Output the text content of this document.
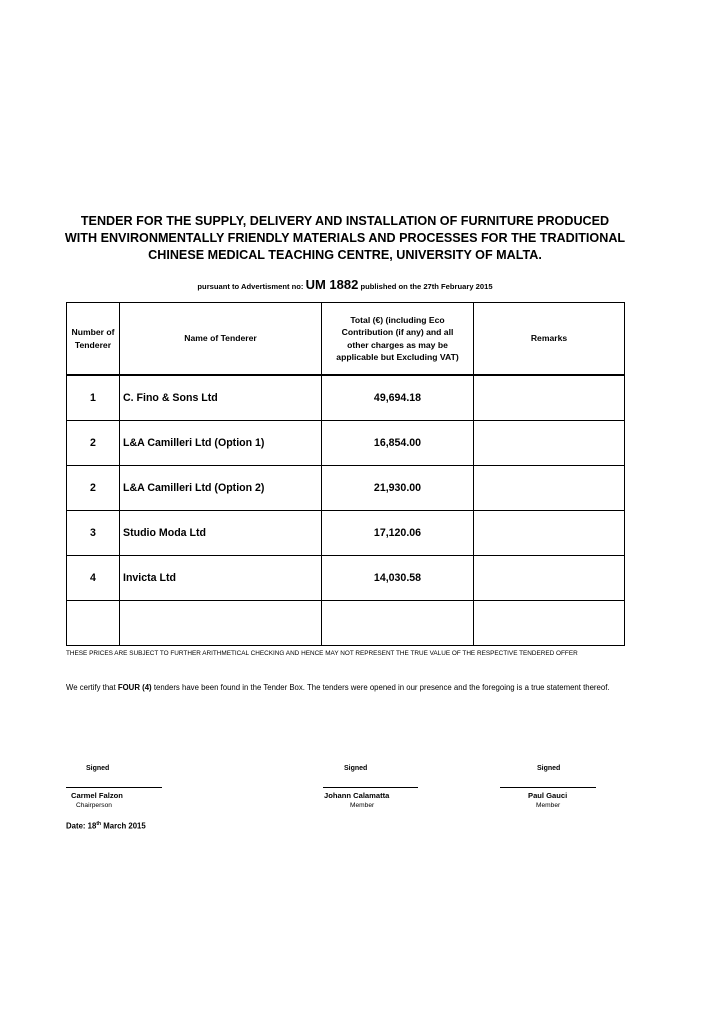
TENDER FOR THE SUPPLY, DELIVERY AND INSTALLATION OF FURNITURE PRODUCED
WITH ENVIRONMENTALLY FRIENDLY MATERIALS AND PROCESSES FOR THE TRADITIONAL
CHINESE MEDICAL TEACHING CENTRE, UNIVERSITY OF MALTA.
pursuant to Advertisment no: UM 1882 published on the 27th February 2015
Number of Tenderer	Name of Tenderer	Total (€) (including Eco Contribution (if any) and all other charges as may be applicable but Excluding VAT)	Remarks
1	C. Fino & Sons Ltd	49,694.18	
2	L&A Camilleri Ltd (Option 1)	16,854.00	
2	L&A Camilleri Ltd (Option 2)	21,930.00	
3	Studio Moda Ltd	17,120.06	
4	Invicta Ltd	14,030.58	

THESE PRICES ARE SUBJECT TO FURTHER ARITHMETICAL CHECKING AND HENCE MAY NOT REPRESENT THE TRUE VALUE OF THE RESPECTIVE TENDERED OFFER
We certify that FOUR (4) tenders have been found in the Tender Box. The tenders were opened in our presence and the foregoing is a true statement thereof.
Signed
Carmel Falzon
Chairperson
Signed
Johann Calamatta
Member
Signed
Paul Gauci
Member
Date: 18th March 2015
